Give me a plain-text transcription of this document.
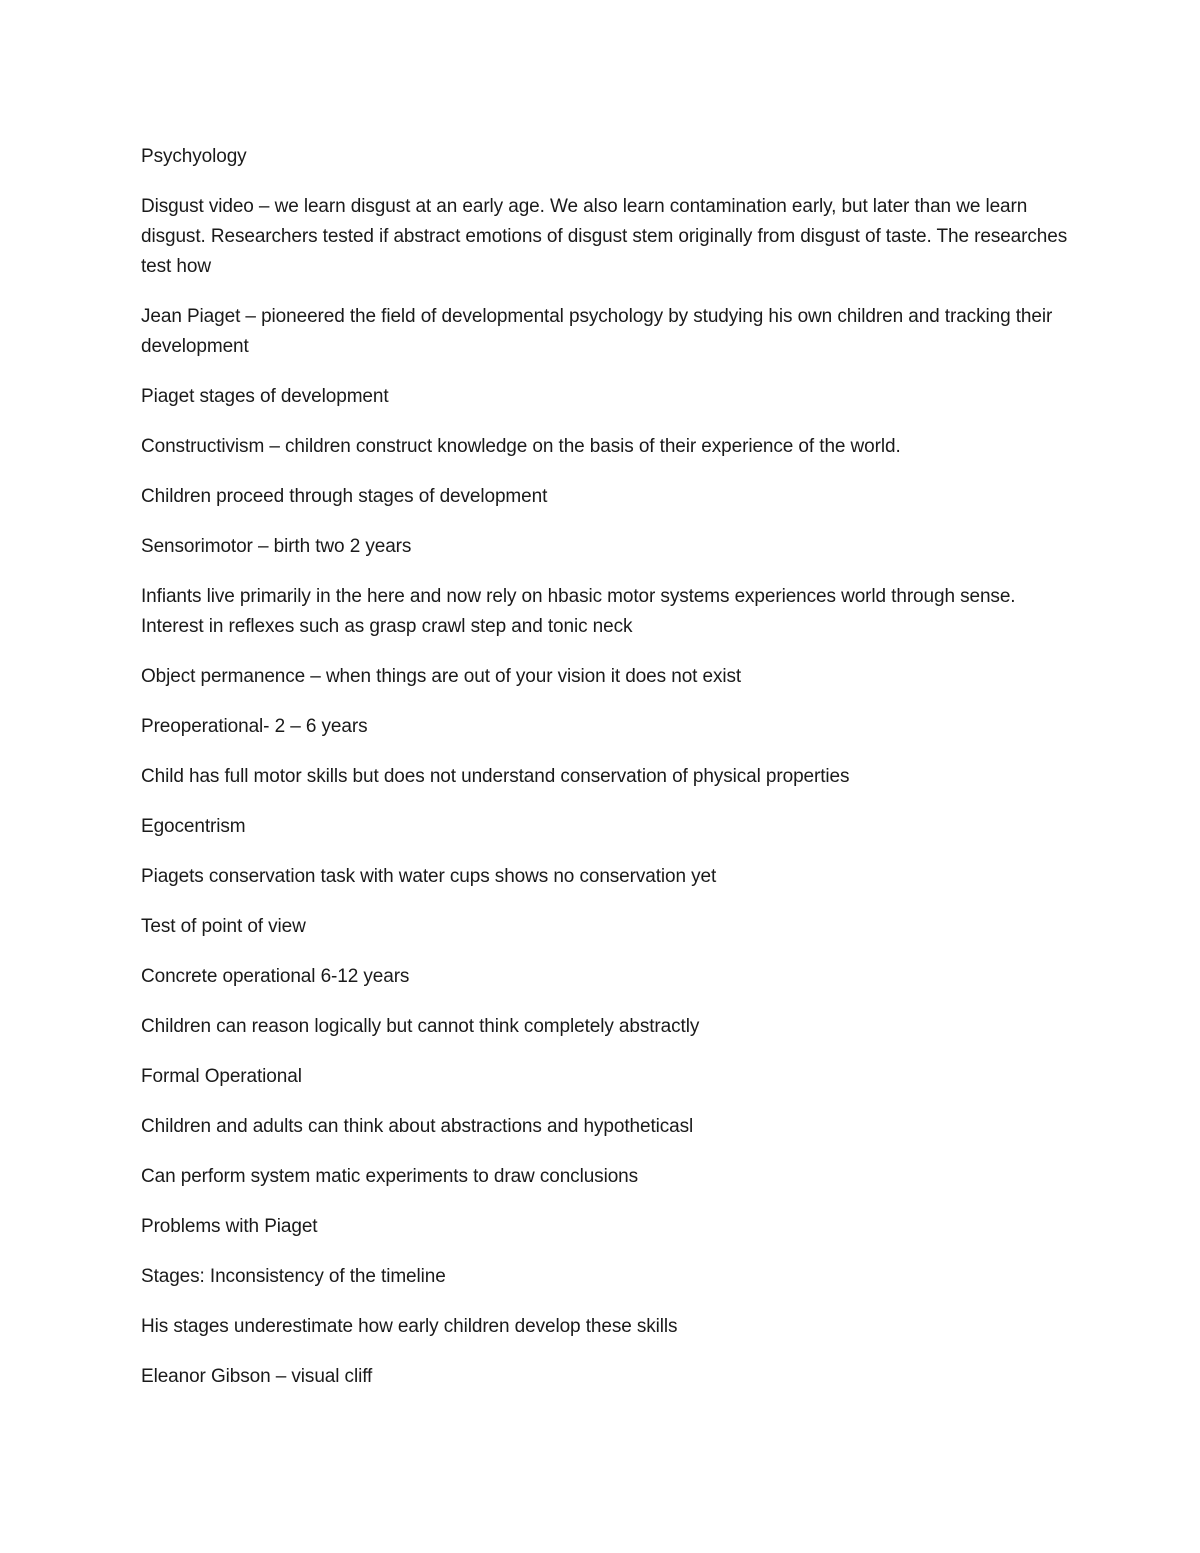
Psychyology

Disgust video – we learn disgust at an early age. We also learn contamination early, but later than we learn disgust. Researchers tested if abstract emotions of disgust stem originally from disgust of taste. The researches test how

Jean Piaget – pioneered the field of developmental psychology by studying his own children and tracking their development

Piaget stages of development

Constructivism – children construct knowledge on the basis of their experience of the world.

Children proceed through stages of development

Sensorimotor – birth two 2 years

Infiants live primarily in the here and now rely on hbasic motor systems experiences world through sense. Interest in reflexes such as grasp crawl step and tonic neck

Object permanence – when things are out of your vision it does not exist

Preoperational- 2 – 6 years

Child has full motor skills but does not understand conservation of physical properties

Egocentrism

Piagets conservation task with water cups shows no conservation yet

Test of point of view

Concrete operational 6-12 years

Children can reason logically but cannot think completely abstractly

Formal Operational

Children and adults can think about abstractions and hypotheticasl

Can perform system matic experiments to draw conclusions

Problems with Piaget

Stages: Inconsistency of the timeline

His stages underestimate how early children develop these skills

Eleanor Gibson – visual cliff
